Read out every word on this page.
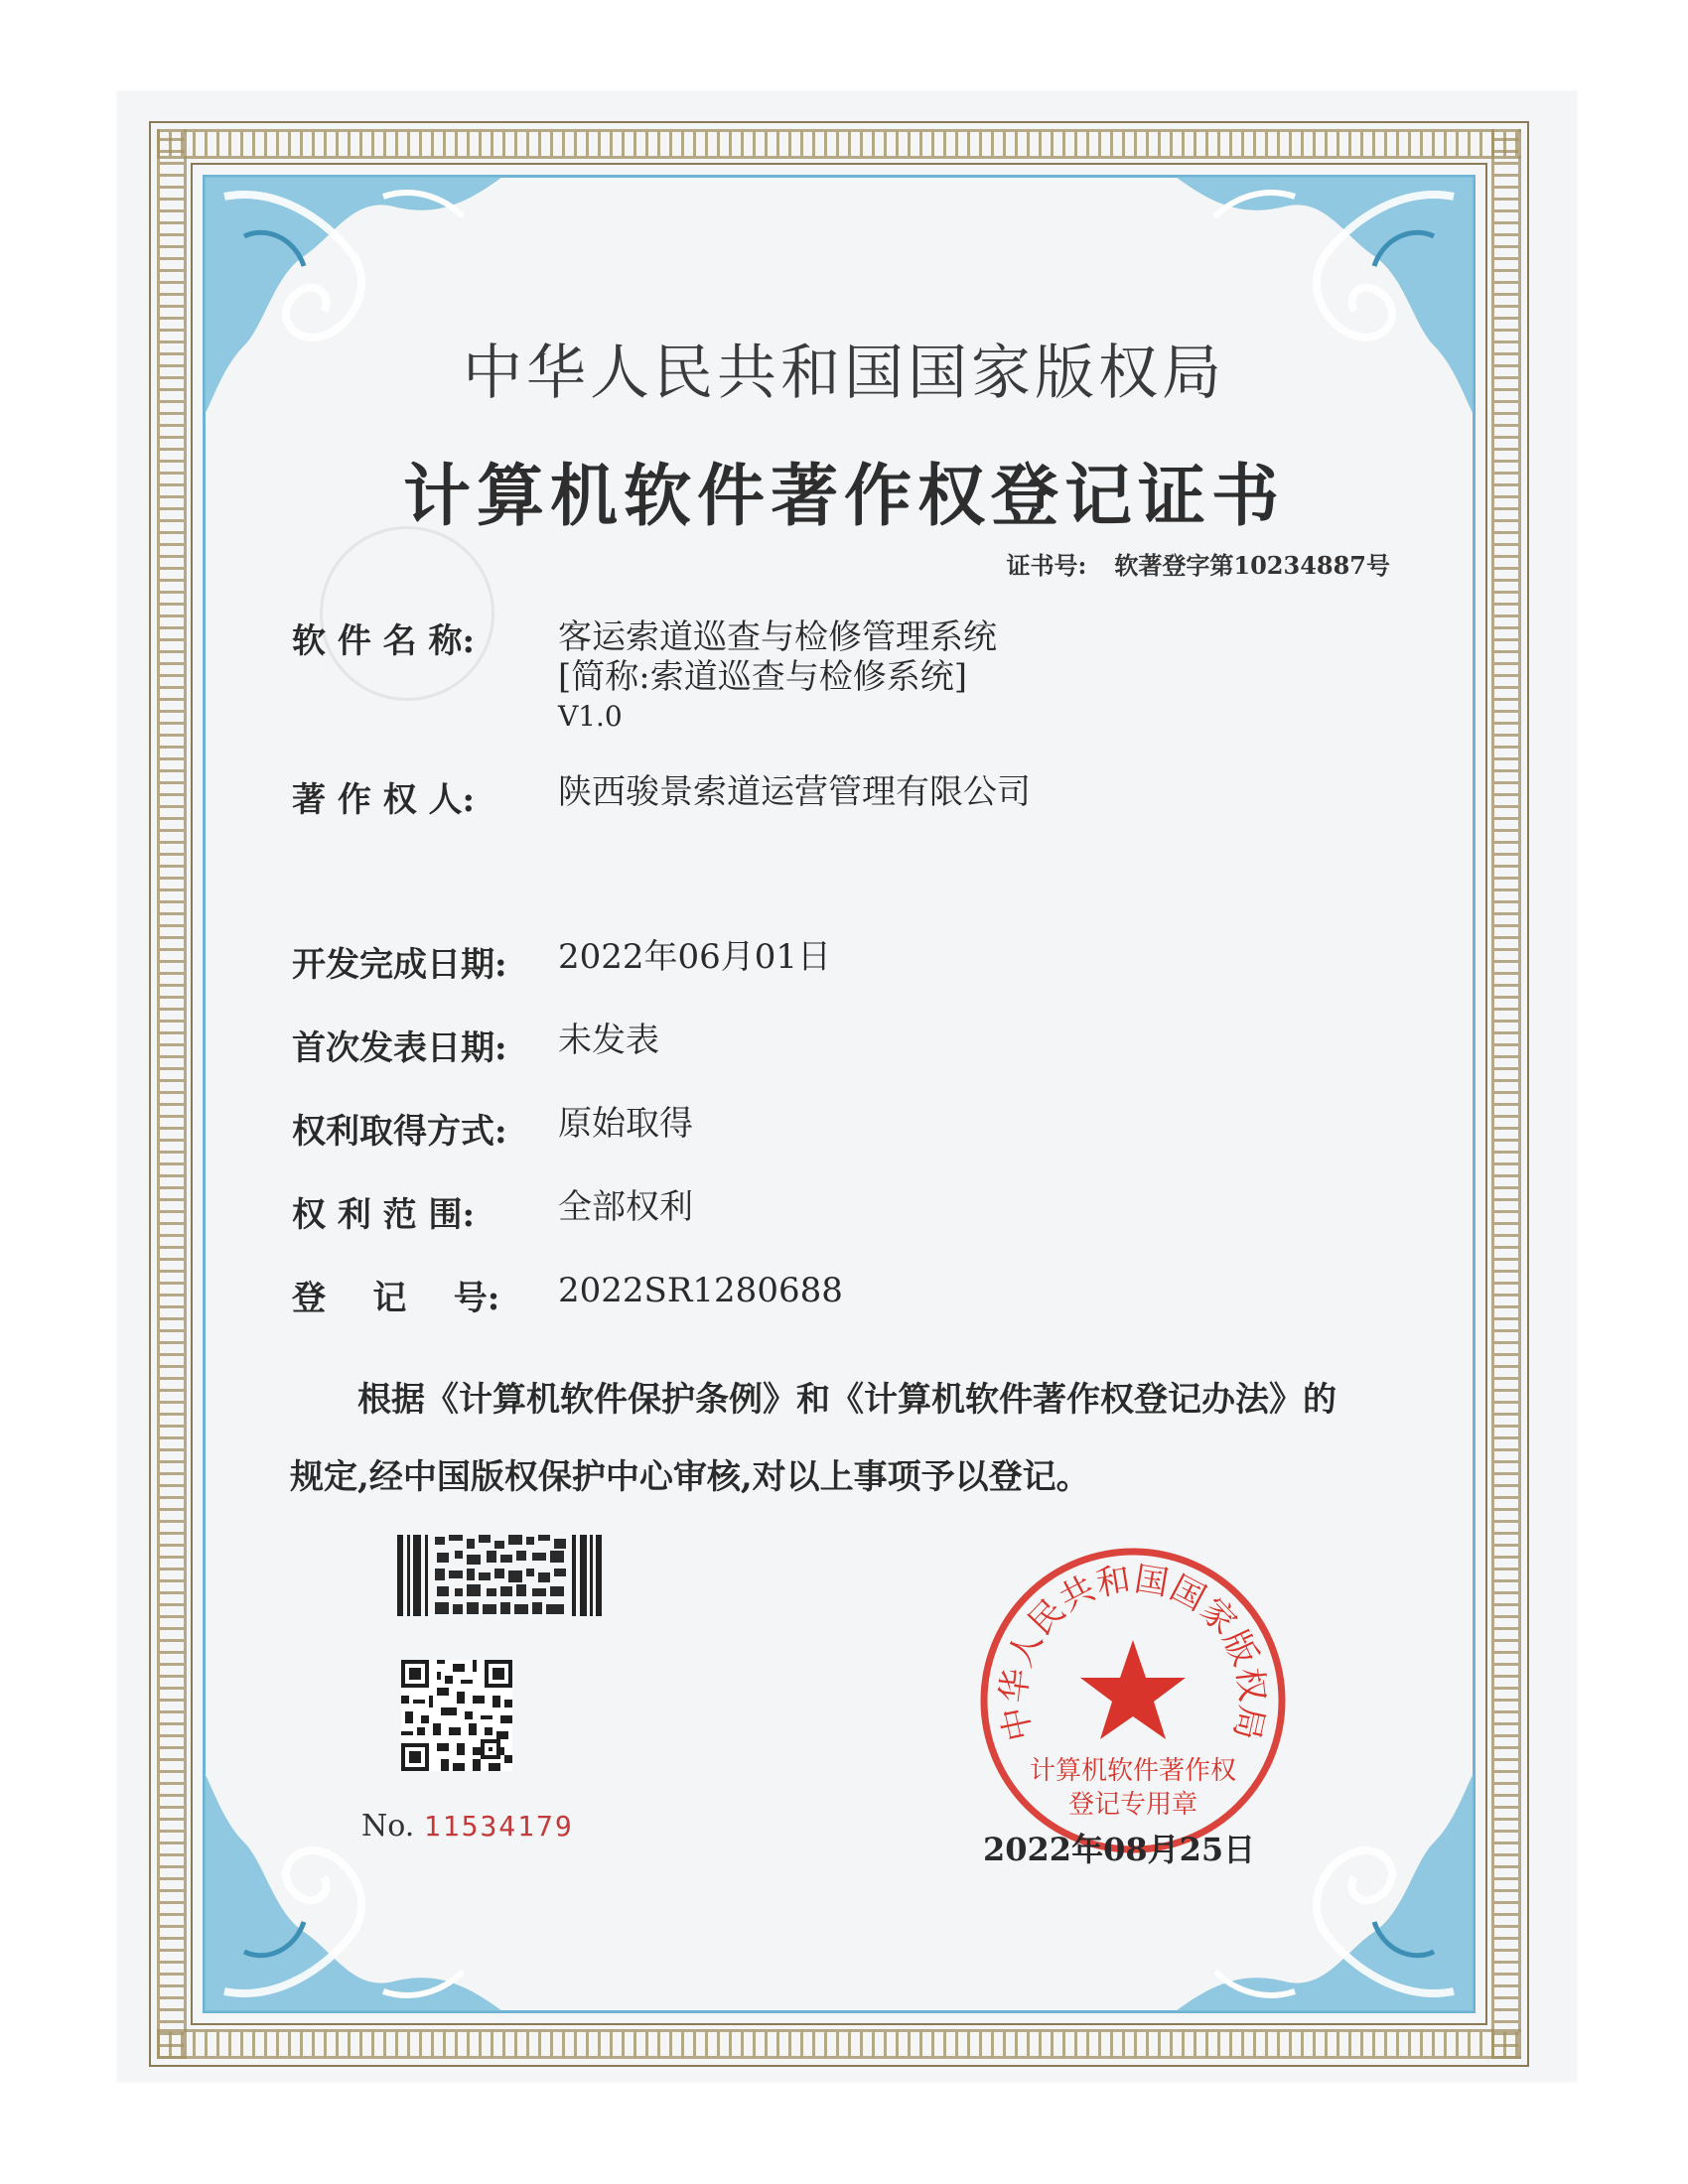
中华人民共和国国家版权局
计算机软件著作权登记证书
证书号: 软著登字第10234887号
软 件 名 称:	客运索道巡查与检修管理系统
[简称:索道巡查与检修系统]
V1.0
著 作 权 人:	陕西骏景索道运营管理有限公司
开发完成日期:	2022年06月01日
首次发表日期:	未发表
权利取得方式:	原始取得
权 利 范 围:	全部权利
登    记    号:	2022SR1280688
根据《计算机软件保护条例》和《计算机软件著作权登记办法》的
规定,经中国版权保护中心审核,对以上事项予以登记。
No. 11534179
中华人民共和国国家版权局
计算机软件著作权
登记专用章
2022年08月25日
